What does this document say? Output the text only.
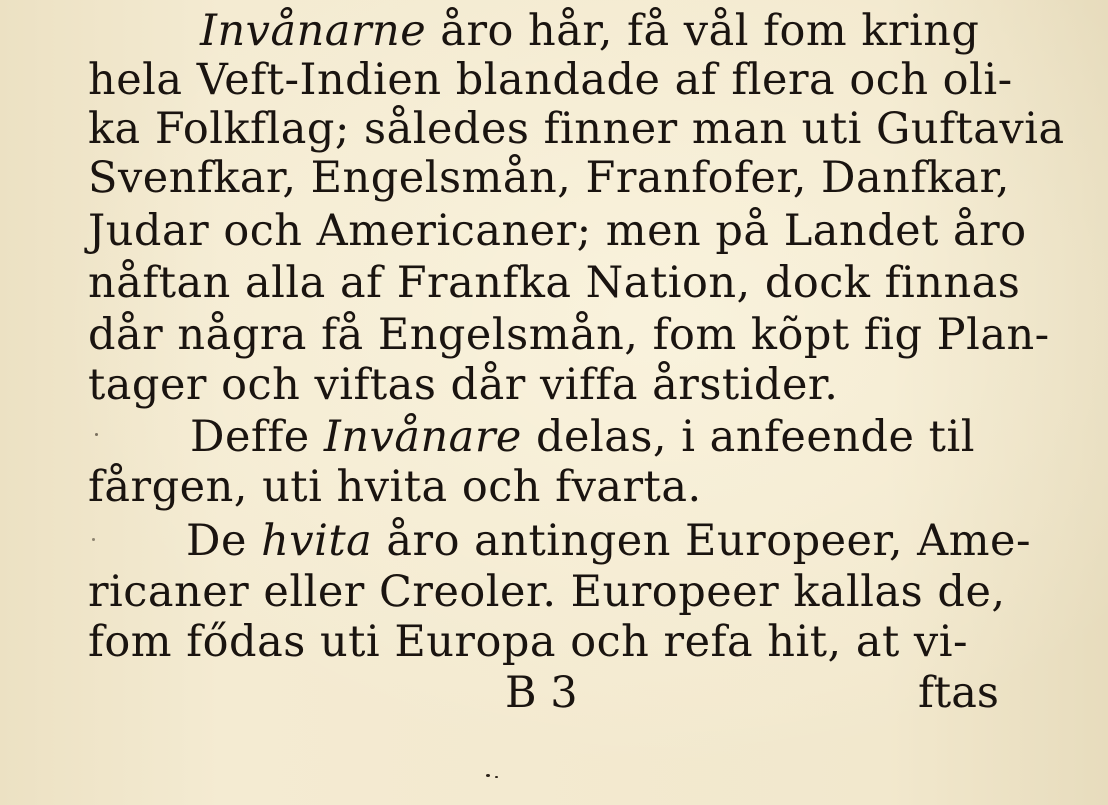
Invånarne åro hår, få vål fom kring
hela Veft-Indien blandade af flera och oli-
ka Folkflag; således finner man uti Guftavia
Svenfkar, Engelsmån, Franfofer, Danfkar,
Judar och Americaner; men på Landet åro
nåftan alla af Franfka Nation, dock finnas
dår några få Engelsmån, fom kõpt fig Plan-
tager och viftas dår viffa årstider.
Deffe Invånare delas, i anfeende til
fårgen, uti hvita och fvarta.
De hvita åro antingen Europeer, Ame-
ricaner eller Creoler. Europeer kallas de,
fom fődas uti Europa och refa hit, at vi-
B 3	ftas
